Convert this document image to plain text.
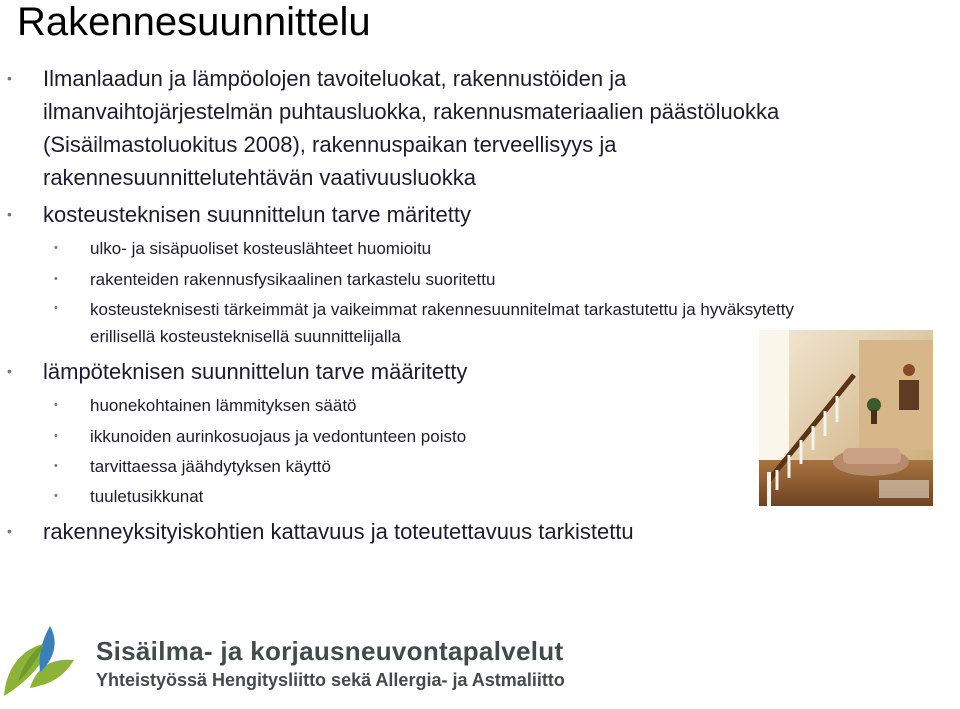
Rakennesuunnittelu
• Ilmanlaadun ja lämpöolojen tavoiteluokat, rakennustöiden ja
ilmanvaihtojärjestelmän puhtausluokka, rakennusmateriaalien päästöluokka
(Sisäilmastoluokitus 2008), rakennuspaikan terveellisyys ja
rakennesuunnittelutehtävän vaativuusluokka
• kosteusteknisen suunnittelun tarve märitetty
• ulko- ja sisäpuoliset kosteuslähteet huomioitu
• rakenteiden rakennusfysikaalinen tarkastelu suoritettu
• kosteusteknisesti tärkeimmät ja vaikeimmat rakennesuunnitelmat tarkastutettu ja hyväksytetty
erillisellä kosteusteknisellä suunnittelijalla
• lämpöteknisen suunnittelun tarve määritetty
• huonekohtainen lämmityksen säätö
• ikkunoiden aurinkosuojaus ja vedontunteen poisto
• tarvittaessa jäähdytyksen käyttö
• tuuletusikkunat
• rakenneyksityiskohtien kattavuus ja toteutettavuus tarkistettu
Sisäilma- ja korjausneuvontapalvelut
Yhteistyössä Hengitysliitto sekä Allergia- ja Astmaliitto
